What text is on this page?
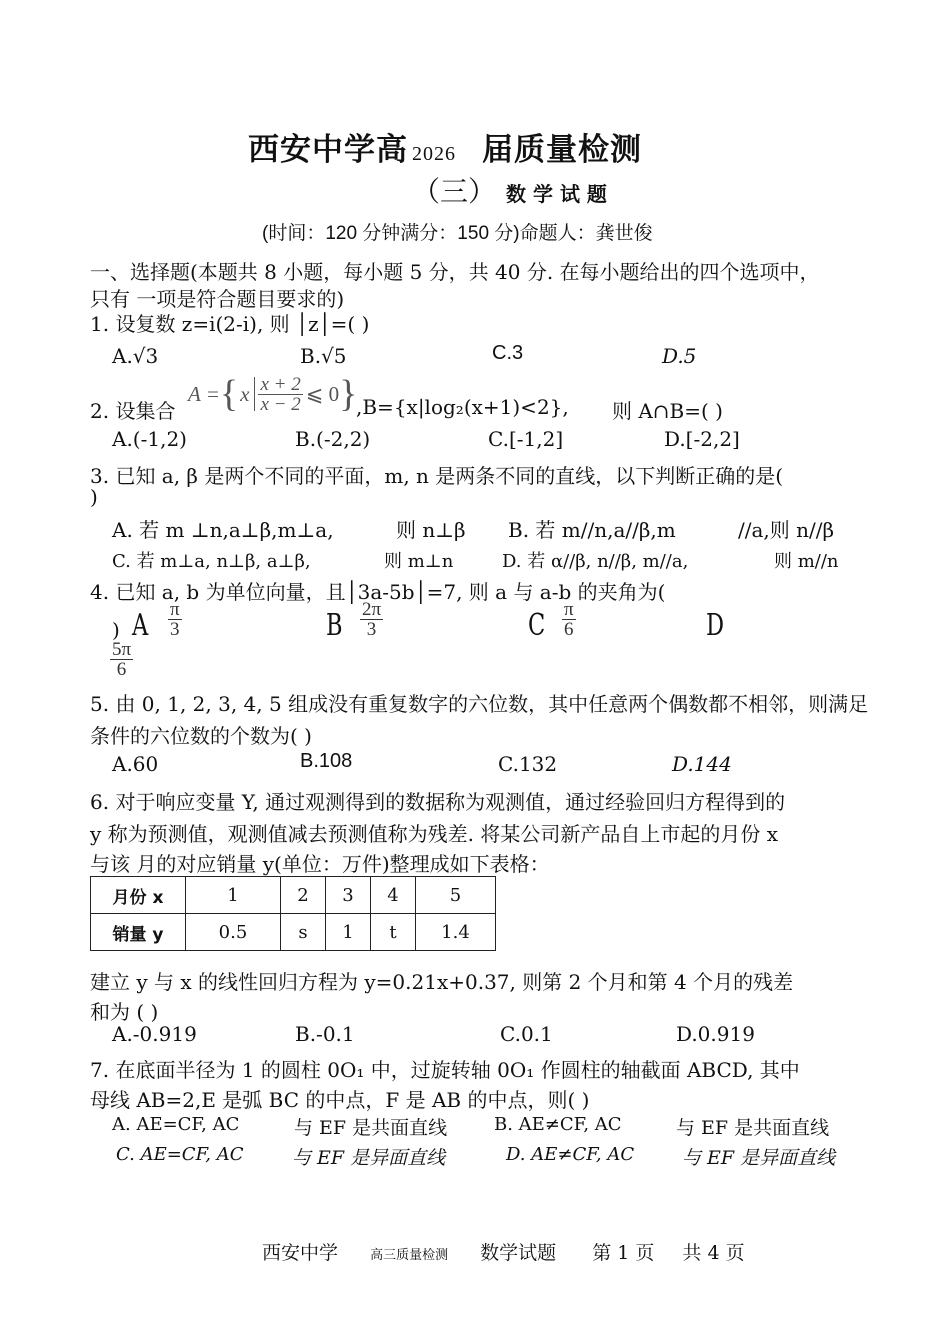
西安中学高 2026 届质量检测
（三） 数 学 试 题
(时间：120 分钟满分：150 分)命题人：龚世俊
一、选择题(本题共 8 小题，每小题 5 分，共 40 分. 在每小题给出的四个选项中，
只有 一项是符合题目要求的)
1. 设复数 z=i(2-i), 则 │z│=( )
A.√3	B.√5	C.3	D.5
2. 设集合
A = { x $\frac{x + 2}{x - 2}$ ⩽ 0 }
,B={x|log₂(x+1)<2}, 则 A∩B=( )
A.(-1,2)	B.(-2,2)	C.[-1,2]	D.[-2,2]
3. 已知 a, β 是两个不同的平面，m, n 是两条不同的直线，以下判断正确的是(
)
A. 若 m ⊥n,a⊥β,m⊥a,	则 n⊥β B. 若 m//n,a//β,m	//a,则 n//β
C. 若 m⊥a, n⊥β, a⊥β,	则 m⊥n	D. 若 α//β, n//β, m//a,	则 m//n
4. 已知 a, b 为单位向量，且│3a-5b│=7, 则 a 与 a-b 的夹角为(
) A $\frac{\pi}{3}$	B $\frac{2\pi}{3}$	C $\frac{\pi}{6}$	D
$\frac{5\pi}{6}$
5. 由 0, 1, 2, 3, 4, 5 组成没有重复数字的六位数，其中任意两个偶数都不相邻，则满足
条件的六位数的个数为( )
A.60	B.108	C.132	D.144
6. 对于响应变量 Y, 通过观测得到的数据称为观测值，通过经验回归方程得到的
y 称为预测值，观测值减去预测值称为残差. 将某公司新产品自上市起的月份 x
与该 月的对应销量 y(单位：万件)整理成如下表格：
月份 x	1	2	3	4	5
销量 y	0.5	s	1	t	1.4
建立 y 与 x 的线性回归方程为 y=0.21x+0.37, 则第 2 个月和第 4 个月的残差
和为 ( )
A.-0.919	B.-0.1	C.0.1	D.0.919
7. 在底面半径为 1 的圆柱 0O₁ 中，过旋转轴 0O₁ 作圆柱的轴截面 ABCD, 其中
母线 AB=2,E 是弧 BC 的中点，F 是 AB 的中点，则( )
A. AE=CF, AC	与 EF 是共面直线	B. AE≠CF, AC	与 EF 是共面直线
C. AE=CF, AC	与 EF 是异面直线	D. AE≠CF, AC	与 EF 是异面直线
西安中学 高三质量检测 数学试题 第 1 页 共 4 页
